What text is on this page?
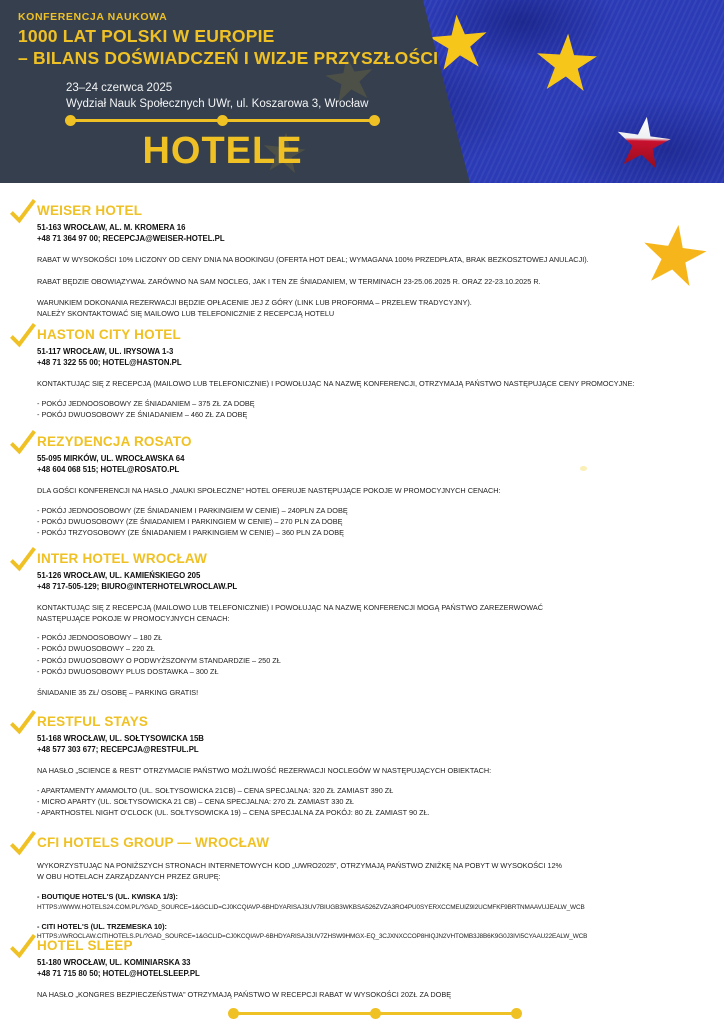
KONFERENCJA NAUKOWA
1000 LAT POLSKI W EUROPIE
– BILANS DOŚWIADCZEŃ I WIZJE PRZYSZŁOŚCI
23–24 czerwca 2025
Wydział Nauk Społecznych UWr, ul. Koszarowa 3, Wrocław
HOTELE
WEISER HOTEL
51-163 WROCŁAW, AL. M. KROMERA 16
+48 71 364 97 00; RECEPCJA@WEISER-HOTEL.PL
RABAT W WYSOKOŚCI 10% LICZONY OD CENY DNIA NA BOOKINGU (OFERTA HOT DEAL; WYMAGANA 100% PRZEDPŁATA, BRAK BEZKOSZTOWEJ ANULACJI).
RABAT BĘDZIE OBOWIĄZYWAŁ ZARÓWNO NA SAM NOCLEG, JAK I TEN ZE ŚNIADANIEM, W TERMINACH 23-25.06.2025 R. ORAZ 22-23.10.2025 R.
WARUNKIEM DOKONANIA REZERWACJI BĘDZIE OPŁACENIE JEJ Z GÓRY (LINK LUB PROFORMA – PRZELEW TRADYCYJNY).
NALEŻY SKONTAKTOWAĆ SIĘ MAILOWO LUB TELEFONICZNIE Z RECEPCJĄ HOTELU
HASTON CITY HOTEL
51-117 WROCŁAW, UL. IRYSOWA 1-3
+48 71 322 55 00; HOTEL@HASTON.PL
KONTAKTUJĄC SIĘ Z RECEPCJĄ (MAILOWO LUB TELEFONICZNIE) I POWOŁUJĄC NA NAZWĘ KONFERENCJI, OTRZYMAJĄ PAŃSTWO NASTĘPUJĄCE CENY PROMOCYJNE:
- POKÓJ JEDNOOSOBOWY ZE ŚNIADANIEM – 375 ZŁ ZA DOBĘ
- POKÓJ DWUOSOBOWY ZE ŚNIADANIEM – 460 ZŁ ZA DOBĘ
REZYDENCJA ROSATO
55-095 MIRKÓW, UL. WROCŁAWSKA 64
+48 604 068 515; HOTEL@ROSATO.PL
DLA GOŚCI KONFERENCJI NA HASŁO „NAUKI SPOŁECZNE” HOTEL OFERUJE NASTĘPUJĄCE POKOJE W PROMOCYJNYCH CENACH:
- POKÓJ JEDNOOSOBOWY (ZE ŚNIADANIEM I PARKINGIEM W CENIE) – 240PLN ZA DOBĘ
- POKÓJ DWUOSOBOWY (ZE ŚNIADANIEM I PARKINGIEM W CENIE) – 270 PLN ZA DOBĘ
- POKÓJ TRZYOSOBOWY (ZE ŚNIADANIEM I PARKINGIEM W CENIE) – 360 PLN ZA DOBĘ
INTER HOTEL WROCŁAW
51-126 WROCŁAW, UL. KAMIEŃSKIEGO 205
+48 717-505-129; BIURO@INTERHOTELWROCLAW.PL
KONTAKTUJĄC SIĘ Z RECEPCJĄ (MAILOWO LUB TELEFONICZNIE) I POWOŁUJĄC NA NAZWĘ KONFERENCJI MOGĄ PAŃSTWO ZAREZERWOWAĆ
NASTĘPUJĄCE POKOJE W PROMOCYJNYCH CENACH:
- POKÓJ JEDNOOSOBOWY – 180 ZŁ
- POKÓJ DWUOSOBOWY – 220 ZŁ
- POKÓJ DWUOSOBOWY O PODWYŻSZONYM STANDARDZIE – 250 ZŁ
- POKÓJ DWUOSOBOWY PLUS DOSTAWKA – 300 ZŁ
ŚNIADANIE 35 ZŁ/ OSOBĘ – PARKING GRATIS!
RESTFUL STAYS
51-168 WROCŁAW, UL. SOŁTYSOWICKA 15B
+48 577 303 677; RECEPCJA@RESTFUL.PL
NA HASŁO „SCIENCE & REST” OTRZYMACIE PAŃSTWO MOŻLIWOŚĆ REZERWACJI NOCLEGÓW W NASTĘPUJĄCYCH OBIEKTACH:
- APARTAMENTY AMAMOLTO (UL. SOŁTYSOWICKA 21CB) – CENA SPECJALNA: 320 ZŁ ZAMIAST 390 ZŁ
- MICRO APARTY (UL. SOŁTYSOWICKA 21 CB) – CENA SPECJALNA: 270 ZŁ ZAMIAST 330 ZŁ
- APARTHOSTEL NIGHT O'CLOCK (UL. SOŁTYSOWICKA 19) – CENA SPECJALNA ZA POKÓJ: 80 ZŁ ZAMIAST 90 ZŁ.
CFI HOTELS GROUP — WROCŁAW
WYKORZYSTUJĄC NA PONIŻSZYCH STRONACH INTERNETOWYCH KOD „UWRO2025”, OTRZYMAJĄ PAŃSTWO ZNIŻKĘ NA POBYT W WYSOKOŚCI 12%
W OBU HOTELACH ZARZĄDZANYCH PRZEZ GRUPĘ:
- BOUTIQUE HOTEL'S (UL. KWISKA 1/3):
HTTPS://WWW.HOTELS24.COM.PL/?GAD_SOURCE=1&GCLID=CJ0KCQIAVP-6BHDYARISAJ3UV7BIUGB3WKBSA526ZVZA3RO4PU0SYERXCCMEUIZ9I2UCMFKF9BRTNMAAVUJEALW_WCB
- CITI HOTEL'S (UL. TRZEMESKA 10):
HTTPS://WROCLAW.CITIHOTELS.PL/?GAD_SOURCE=1&GCLID=CJ0KCQIAVP-6BHDYARISAJ3UV7ZHSW9HMGX-EQ_3CJXNXCCOP8HIQJN2VHTOMB3J8B6K9G0J3IVI5CYAAU22EALW_WCB
HOTEL SLEEP
51-180 WROCŁAW, UL. KOMINIARSKA 33
+48 71 715 80 50; HOTEL@HOTELSLEEP.PL
NA HASŁO „KONGRES BEZPIECZEŃSTWA” OTRZYMAJĄ PAŃSTWO W RECEPCJI RABAT W WYSOKOŚCI 20ZŁ ZA DOBĘ
